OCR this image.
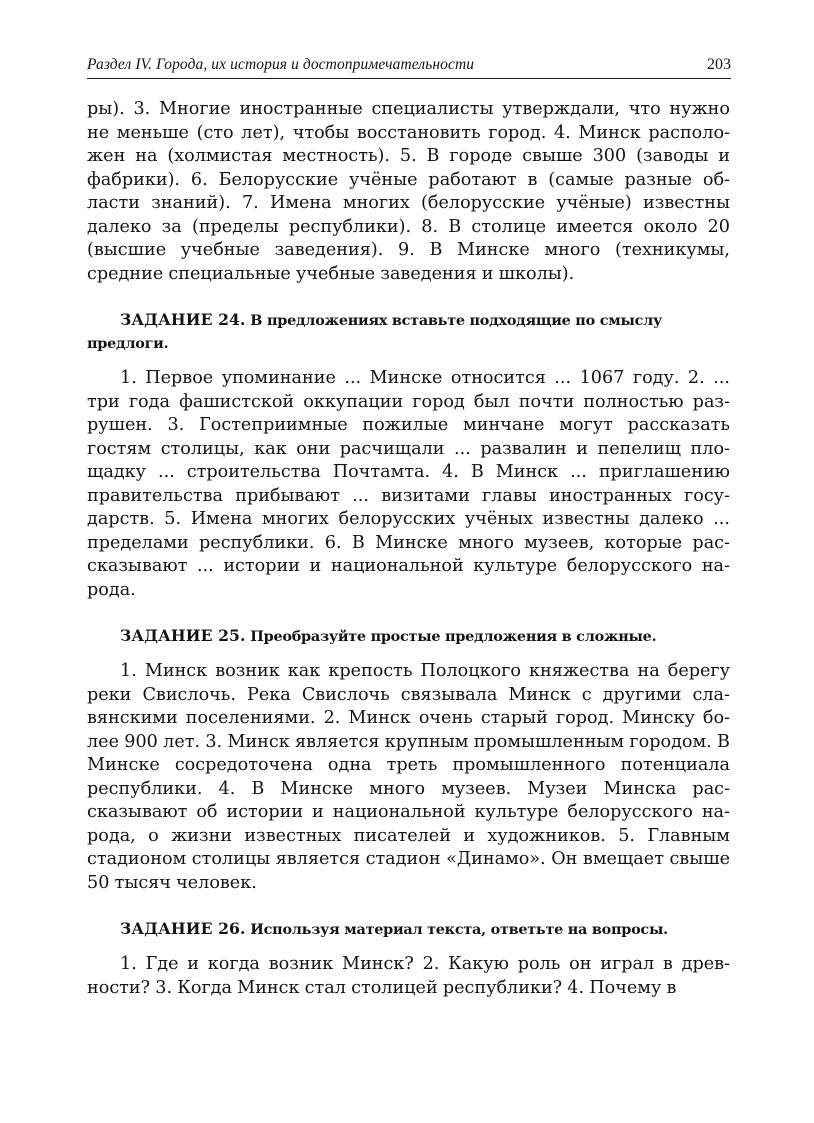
Раздел IV. Города, их история и достопримечательности	203

ры). 3. Многие иностранные специалисты утверждали, что нужно не меньше (сто лет), чтобы восстановить город. 4. Минск расположен на (холмистая местность). 5. В городе свыше 300 (заводы и фабрики). 6. Белорусские учёные работают в (самые разные области знаний). 7. Имена многих (белорусские учёные) известны далеко за (пределы республики). 8. В столице имеется около 20 (высшие учебные заведения). 9. В Минске много (техникумы, средние специальные учебные заведения и школы).

ЗАДАНИЕ 24. В предложениях вставьте подходящие по смыслу предлоги.

1. Первое упоминание ... Минске относится ... 1067 году. 2. ... три года фашистской оккупации город был почти полностью разрушен. 3. Гостеприимные пожилые минчане могут рассказать гостям столицы, как они расчищали ... развалин и пепелищ площадку ... строительства Почтамта. 4. В Минск ... приглашению правительства прибывают ... визитами главы иностранных государств. 5. Имена многих белорусских учёных известны далеко ... пределами республики. 6. В Минске много музеев, которые рассказывают ... истории и национальной культуре белорусского народа.

ЗАДАНИЕ 25. Преобразуйте простые предложения в сложные.

1. Минск возник как крепость Полоцкого княжества на берегу реки Свислочь. Река Свислочь связывала Минск с другими славянскими поселениями. 2. Минск очень старый город. Минску более 900 лет. 3. Минск является крупным промышленным городом. В Минске сосредоточена одна треть промышленного потенциала республики. 4. В Минске много музеев. Музеи Минска рассказывают об истории и национальной культуре белорусского народа, о жизни известных писателей и художников. 5. Главным стадионом столицы является стадион «Динамо». Он вмещает свыше 50 тысяч человек.

ЗАДАНИЕ 26. Используя материал текста, ответьте на вопросы.

1. Где и когда возник Минск? 2. Какую роль он играл в древности? 3. Когда Минск стал столицей республики? 4. Почему в
